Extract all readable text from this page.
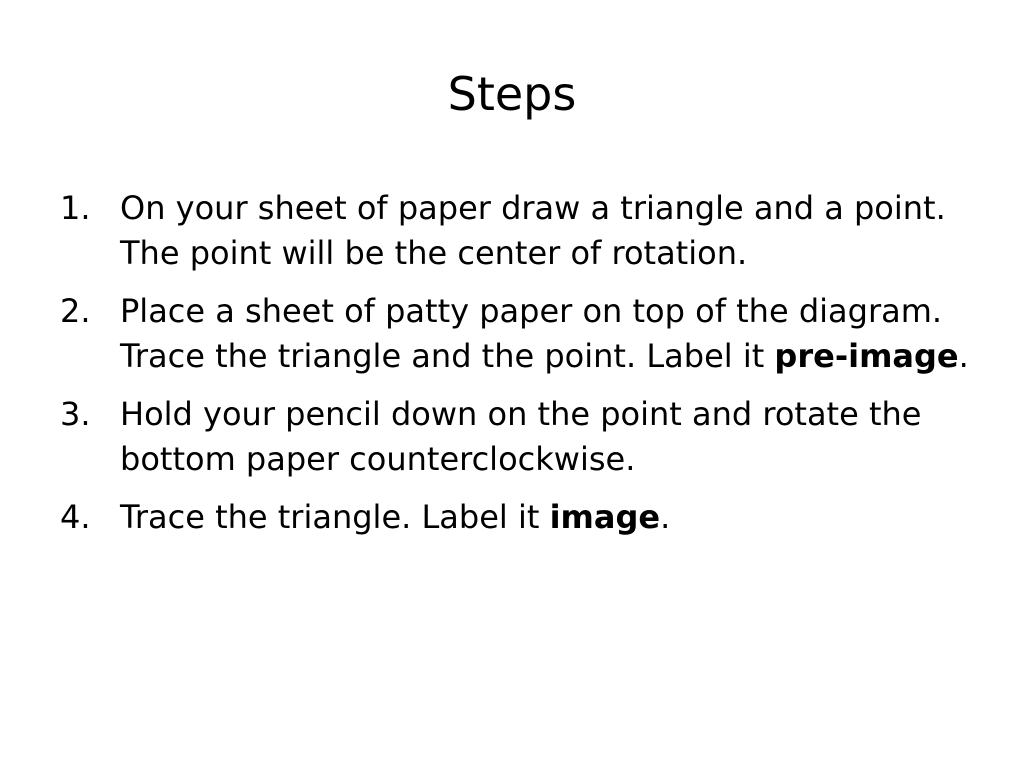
Steps
1. On your sheet of paper draw a triangle and a point. The point will be the center of rotation.
2. Place a sheet of patty paper on top of the diagram. Trace the triangle and the point. Label it pre-image.
3. Hold your pencil down on the point and rotate the bottom paper counterclockwise.
4. Trace the triangle. Label it image.
